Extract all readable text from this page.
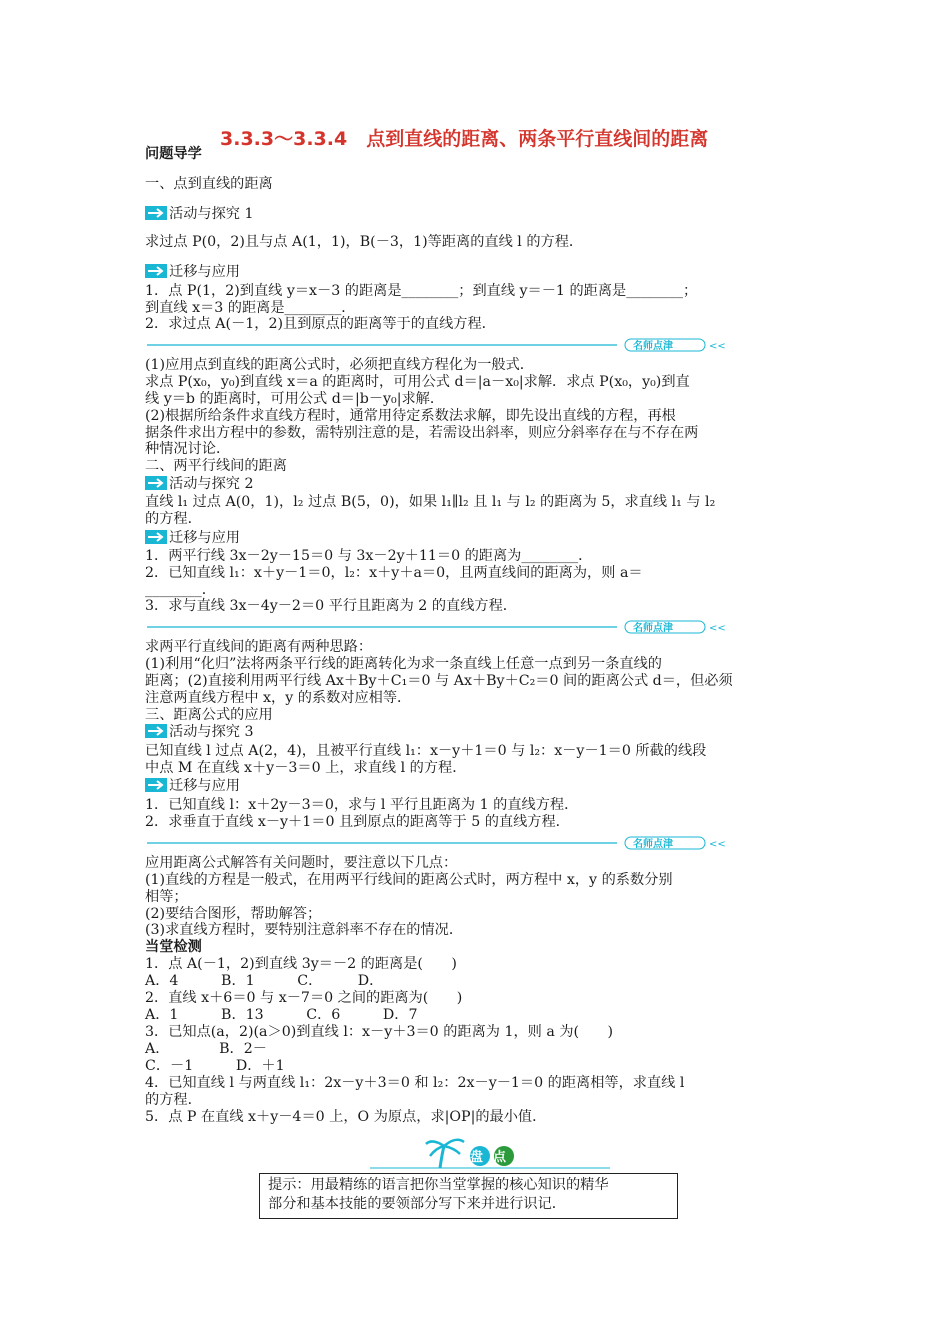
3.3.3～3.3.4　点到直线的距离、两条平行直线间的距离
问题导学
一、点到直线的距离
活动与探究 1
求过点 P(0，2)且与点 A(1，1)，B(－3，1)等距离的直线 l 的方程．
迁移与应用
1．点 P(1，2)到直线 y＝x－3 的距离是________；到直线 y＝－1 的距离是________；
到直线 x＝3 的距离是________．
2．求过点 A(－1，2)且到原点的距离等于的直线方程．
名师点津	<<
(1)应用点到直线的距离公式时，必须把直线方程化为一般式．
求点 P(x₀，y₀)到直线 x＝a 的距离时，可用公式 d＝|a－x₀|求解．求点 P(x₀，y₀)到直
线 y＝b 的距离时，可用公式 d＝|b－y₀|求解．
(2)根据所给条件求直线方程时，通常用待定系数法求解，即先设出直线的方程，再根
据条件求出方程中的参数，需特别注意的是，若需设出斜率，则应分斜率存在与不存在两
种情况讨论．
二、两平行线间的距离
活动与探究 2
直线 l₁ 过点 A(0，1)，l₂ 过点 B(5，0)，如果 l₁∥l₂ 且 l₁ 与 l₂ 的距离为 5，求直线 l₁ 与 l₂
的方程．
迁移与应用
1．两平行线 3x－2y－15＝0 与 3x－2y＋11＝0 的距离为________．
2．已知直线 l₁：x＋y－1＝0，l₂：x＋y＋a＝0，且两直线间的距离为，则 a＝
________．
3．求与直线 3x－4y－2＝0 平行且距离为 2 的直线方程．
名师点津	<<
求两平行直线间的距离有两种思路：
(1)利用“化归”法将两条平行线的距离转化为求一条直线上任意一点到另一条直线的
距离；(2)直接利用两平行线 Ax＋By＋C₁＝0 与 Ax＋By＋C₂＝0 间的距离公式 d＝，但必须
注意两直线方程中 x，y 的系数对应相等．
三、距离公式的应用
活动与探究 3
已知直线 l 过点 A(2，4)，且被平行直线 l₁：x－y＋1＝0 与 l₂：x－y－1＝0 所截的线段
中点 M 在直线 x＋y－3＝0 上，求直线 l 的方程．
迁移与应用
1．已知直线 l：x＋2y－3＝0，求与 l 平行且距离为 1 的直线方程．
2．求垂直于直线 x－y＋1＝0 且到原点的距离等于 5 的直线方程．
名师点津	<<
应用距离公式解答有关问题时，要注意以下几点：
(1)直线的方程是一般式，在用两平行线间的距离公式时，两方程中 x，y 的系数分别
相等；
(2)要结合图形，帮助解答；
(3)求直线方程时，要特别注意斜率不存在的情况．
当堂检测
1．点 A(－1，2)到直线 3y＝－2 的距离是(　　)
A．4　　　B．1　　　C．　　　D．
2．直线 x＋6＝0 与 x－7＝0 之间的距离为(　　)
A．1　　　B．13　　　C．6　　　D．7
3．已知点(a，2)(a＞0)到直线 l：x－y＋3＝0 的距离为 1，则 a 为(　　)
A．　　　　B．2－
C．－1　　　D．＋1
4．已知直线 l 与两直线 l₁：2x－y＋3＝0 和 l₂：2x－y－1＝0 的距离相等，求直线 l
的方程．
5．点 P 在直线 x＋y－4＝0 上，O 为原点，求|OP|的最小值．
盘点收获
提示：用最精练的语言把你当堂掌握的核心知识的精华
部分和基本技能的要领部分写下来并进行识记．
